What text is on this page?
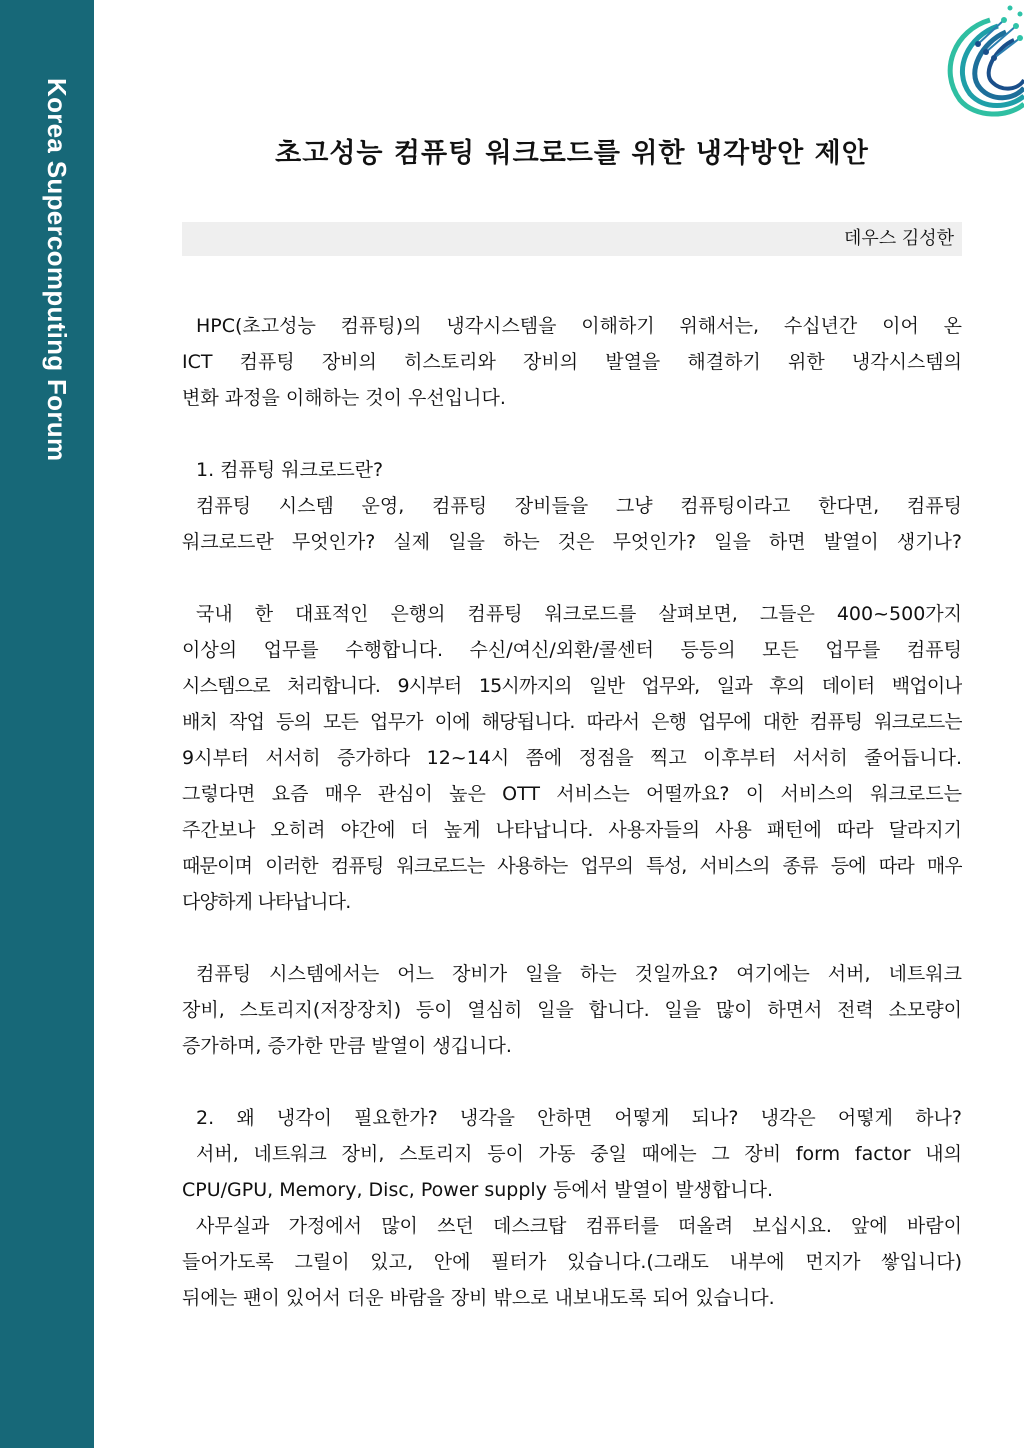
Korea Supercomputing Forum	초고성능 컴퓨팅 워크로드를 위한 냉각방안 제안
데우스 김성한
HPC(초고성능 컴퓨팅)의 냉각시스템을 이해하기 위해서는, 수십년간 이어 온
ICT 컴퓨팅 장비의 히스토리와 장비의 발열을 해결하기 위한 냉각시스템의
변화 과정을 이해하는 것이 우선입니다.
1. 컴퓨팅 워크로드란?
컴퓨팅 시스템 운영, 컴퓨팅 장비들을 그냥 컴퓨팅이라고 한다면, 컴퓨팅
워크로드란 무엇인가? 실제 일을 하는 것은 무엇인가? 일을 하면 발열이 생기나?
국내 한 대표적인 은행의 컴퓨팅 워크로드를 살펴보면, 그들은 400~500가지
이상의 업무를 수행합니다. 수신/여신/외환/콜센터 등등의 모든 업무를 컴퓨팅
시스템으로 처리합니다. 9시부터 15시까지의 일반 업무와, 일과 후의 데이터 백업이나
배치 작업 등의 모든 업무가 이에 해당됩니다. 따라서 은행 업무에 대한 컴퓨팅 워크로드는
9시부터 서서히 증가하다 12~14시 쯤에 정점을 찍고 이후부터 서서히 줄어듭니다.
그렇다면 요즘 매우 관심이 높은 OTT 서비스는 어떨까요? 이 서비스의 워크로드는
주간보나 오히려 야간에 더 높게 나타납니다. 사용자들의 사용 패턴에 따라 달라지기
때문이며 이러한 컴퓨팅 워크로드는 사용하는 업무의 특성, 서비스의 종류 등에 따라 매우
다양하게 나타납니다.
컴퓨팅 시스템에서는 어느 장비가 일을 하는 것일까요? 여기에는 서버, 네트워크
장비, 스토리지(저장장치) 등이 열심히 일을 합니다. 일을 많이 하면서 전력 소모량이
증가하며, 증가한 만큼 발열이 생깁니다.
2. 왜 냉각이 필요한가? 냉각을 안하면 어떻게 되나? 냉각은 어떻게 하나?
서버, 네트워크 장비, 스토리지 등이 가동 중일 때에는 그 장비 form factor 내의
CPU/GPU, Memory, Disc, Power supply 등에서 발열이 발생합니다.
사무실과 가정에서 많이 쓰던 데스크탑 컴퓨터를 떠올려 보십시요. 앞에 바람이
들어가도록 그릴이 있고, 안에 필터가 있습니다.(그래도 내부에 먼지가 쌓입니다)
뒤에는 팬이 있어서 더운 바람을 장비 밖으로 내보내도록 되어 있습니다.
